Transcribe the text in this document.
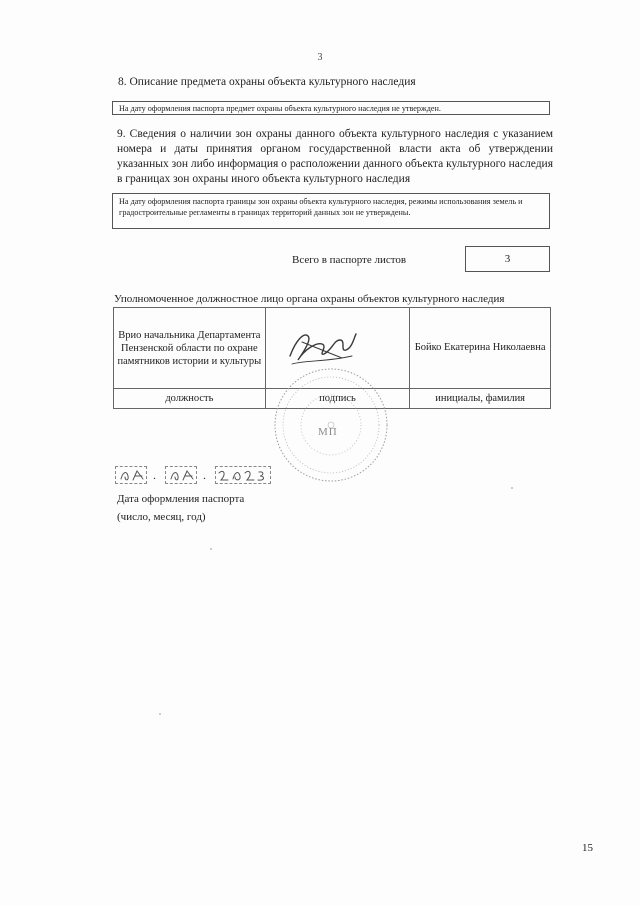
3
8. Описание предмета охраны объекта культурного наследия
На дату оформления паспорта предмет охраны объекта культурного наследия не утвержден.
9. Сведения о наличии зон охраны данного объекта культурного наследия с указанием номера и даты принятия органом государственной власти акта об утверждении указанных зон либо информация о расположении данного объекта культурного наследия в границах зон охраны иного объекта культурного наследия
На дату оформления паспорта границы зон охраны объекта культурного наследия, режимы использования земель и градостроительные регламенты в границах территорий данных зон не утверждены.
Всего в паспорте листов	3
Уполномоченное должностное лицо органа охраны объектов культурного наследия
Врио начальника Департамента Пензенской области по охране памятников истории и культуры		Бойко Екатерина Николаевна
должность	подпись	инициалы, фамилия
МП
.	.
Дата оформления паспорта
(число, месяц, год)
15
